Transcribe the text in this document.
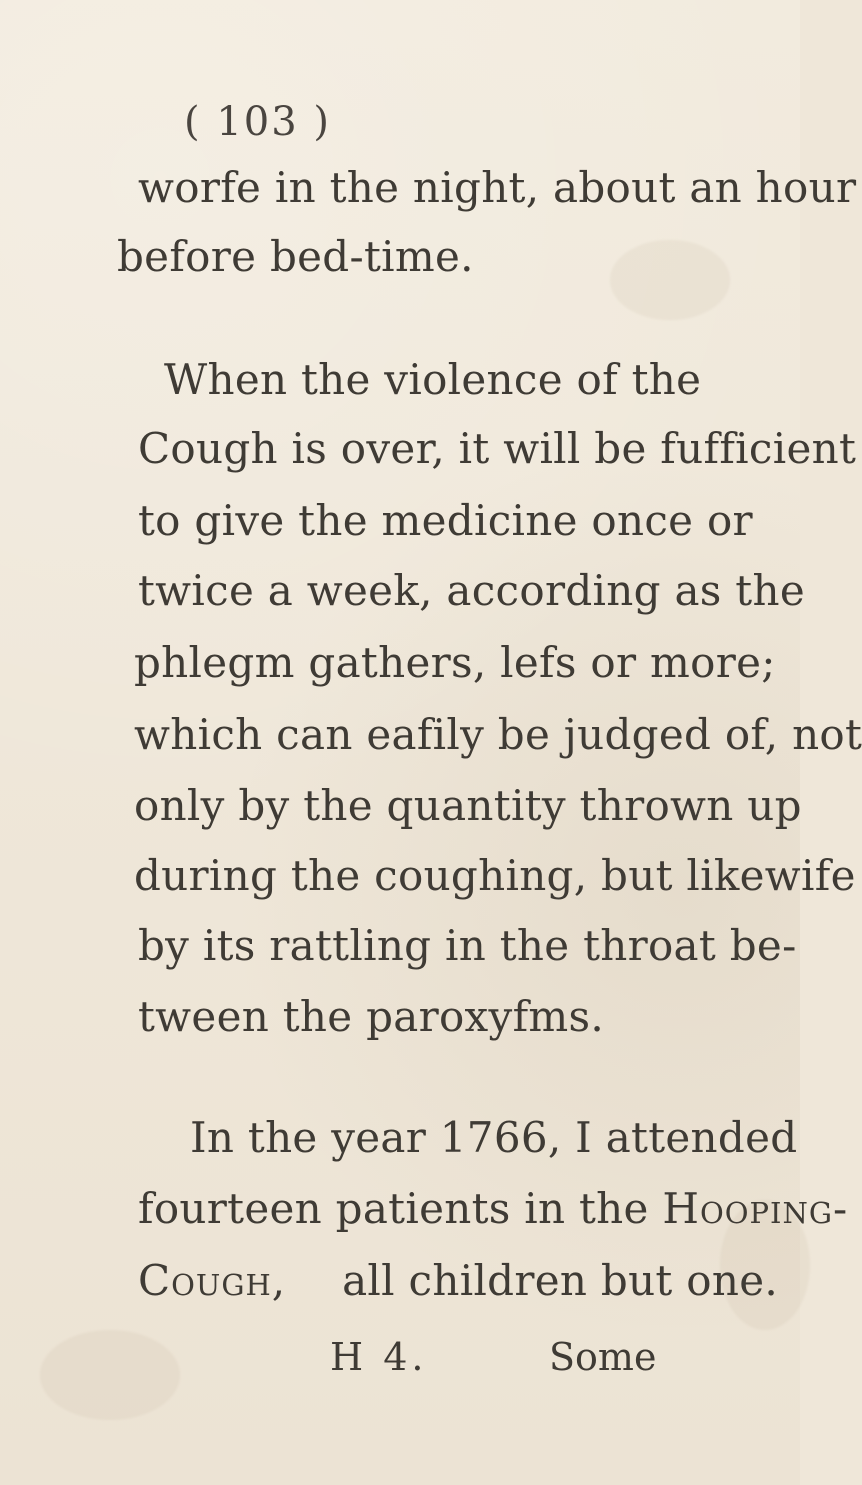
( 103 )
worfe in the night, about an hour
before bed-time.
When the violence of the
Cough is over, it will be fufficient
to give the medicine once or
twice a week, according as the
phlegm gathers, lefs or more;
which can eafily be judged of, not
only by the quantity thrown up
during the coughing, but likewife
by its rattling in the throat be-
tween the paroxyfms.
In the year 1766, I attended
fourteen patients in the Hooping-
Cough, all children but one.
H 4.	Some
